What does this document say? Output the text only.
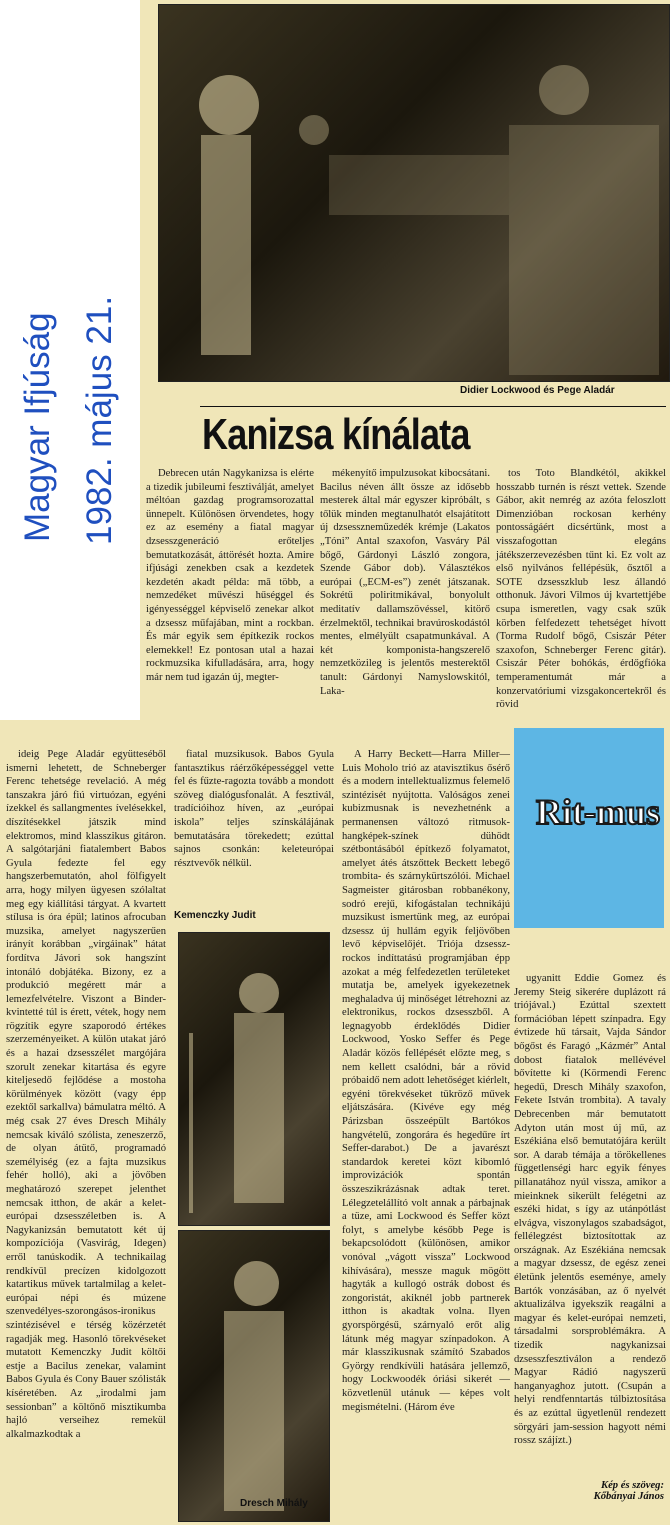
Magyar Ifjúság 1982. május 21.	Didier Lockwood és Pege Aladár
Kanizsa kínálata

Debrecen után Nagykanizsa is elérte a tizedik jubileumi fesztiválját, amelyet méltóan gazdag programsorozattal ünnepelt. Különösen örvendetes, hogy ez az esemény a fiatal magyar dzsesszgeneráció erőteljes bemutatkozását, áttörését hozta. Amire ifjúsági zenekben csak a kezdetek kezdetén akadt példa: mā több, a nemzedéket művészi hűséggel és igényességgel képviselő zenekar alkot a dzsessz műfajában, mint a rockban. És már egyik sem építkezik rockos elemekkel! Ez pontosan utal a hazai rockmuzsika kifulladására, arra, hogy már nem tud igazán új, megter-

mékenyítő impulzusokat kibocsátani. Bacilus néven állt össze az idősebb mesterek által már egyszer kipróbált, s tőlük minden megtanulhatót elsajátított új dzsesszneműzedék krémje (Lakatos „Tóni” Antal szaxofon, Vasváry Pál bőgő, Gárdonyi László zongora, Szende Gábor dob). Választékos európai („ECM-es”) zenét játszanak. Sokrétű poliritmikával, bonyolult meditatív dallamszövéssel, kitörő érzelmektől, technikai bravúroskodástól mentes, elmélyült csapatmunkával. A két komponista-hangszerelő nemzetközileg is jelentős mesterektől tanult: Gárdonyi Namyslowskitól, Laka-

tos Toto Blandkétól, akikkel hosszabb turnén is részt vettek. Szende Gábor, akit nemrég az azóta feloszlott Dimenzióban rockosan kerhény pontosságáért dicsértünk, most a visszafogottan elegáns játékszerzevezésben tűnt ki. Ez volt az első nyilvános fellépésük, ősztől a SOTE dzsesszklub lesz állandó otthonuk. Jávori Vilmos új kvartettjébe csupa ismeretlen, vagy csak szűk körben felfedezett tehetséget hívott (Torma Rudolf bőgő, Csiszár Péter szaxofon, Schneberger Ferenc gitár). Csiszár Péter bohókás, érdőgfióka temperamentumát már a konzervatóriumi vizsgakoncertekről és rövid

ideig Pege Aladár együtteséből ismerni lehetett, de Schneberger Ferenc tehetsége revelació. A még tanszakra járó fiú virtuózan, egyéni ízekkel és sallangmentes ívelésekkel, díszítésekkel játszik mind elektromos, mind klasszikus gitáron. A salgótarjáni fiatalembert Babos Gyula fedezte fel egy hangszerbemutatón, ahol fölfigyelt arra, hogy milyen ügyesen szólaltat meg egy kiállítási tárgyat. A kvartett stílusa is óra épül; latinos afrocuban muzsika, amelyet nagyszerűen irányít korábban „virgáinak” hátat fordítva Jávori sok hangszínt intonáló dobjátéka. Bizony, ez a produkció megérett már a lemezfelvételre. Viszont a Binder-kvintetté túl is érett, vétek, hogy nem rögzítik egyre szaporodó értékes szerzeményeiket. A külön utakat járó és a hazai dzsesszélet margójára szorult zenekar kitartása és egyre kiteljesedő fejlődése a mostoha körülmények között (vagy épp ezektől sarkallva) bámulatra méltó. A még csak 27 éves Dresch Mihály nemcsak kiváló szólista, zeneszerző, de olyan átütő, programadó személyiség (ez a fajta muzsikus fehér holló), aki a jövőben meghatározó szerepet jelenthet nemcsak itthon, de akár a kelet-európai dzsesszéletben is. A Nagykanizsán bemutatott két új kompozíciója (Vasvirág, Idegen) erről tanúskodik. A technikailag rendkívül precízen kidolgozott katartikus művek tartalmilag a kelet-európai népi és múzene szenvedélyes-szorongásos-ironikus szintézisével e térség közérzetét ragadják meg. Hasonló törekvéseket mutatott Kemenczky Judit költői estje a Bacilus zenekar, valamint Babos Gyula és Cony Bauer szólisták kíséretében. Az „irodalmi jam sessionban” a költőnő misztikumba hajló verseihez remekül alkalmazkodtak a

fiatal muzsikusok. Babos Gyula fantasztikus ráérzőképességgel vette fel és fűzte-ragozta tovább a mondott szöveg dialógusfonalát. A fesztivál, tradícióihoz híven, az „európai iskola” teljes színskálájának bemutatására törekedett; ezúttal sajnos csonkán: keleteurópai résztvevők nélkül.

Kemenczky Judit
Dresch Mihály

A Harry Beckett—Harra Miller—Luis Moholo trió az atavisztikus ősérő és a modern intellektualizmus felemelő szintézisét nyújtotta. Valóságos zenei kubizmusnak is nevezhetnénk a permanensen változó ritmusok-hangképek-színek dühödt szétbontásából építkező folyamatot, amelyet átés átszőttek Beckett lebegő trombita- és szárnykürtszólói. Michael Sagmeister gitárosban robbanékony, sodró erejű, kifogástalan technikájú muzsikust ismertünk meg, az európai dzsessz új hullám egyik feljövőben levő képviselőjét. Triója dzsessz-rockos indíttatású programjában épp azokat a még felfedezetlen területeket mutatja be, amelyek igyekezetnek meghaladva új minőséget létrehozni az elektronikus, rockos dzsesszből. A legnagyobb érdeklődés Didier Lockwood, Yosko Seffer és Pege Aladár közös fellépését előzte meg, s nem kellett csalódni, bár a rövid próbaidő nem adott lehetőséget kiérlelt, egyéni törekvéseket tükröző művek eljátszására. (Kivéve egy még Párizsban összeépült Bartókos hangvételű, zongorára és hegedűre írt Seffer-darabot.) De a javarészt standardok keretei közt kibomló improvizációk spontán összeszikrázásnak adtak teret. Lélegzetelállító volt annak a párbajnak a tüze, ami Lockwood és Seffer közt folyt, s amelybe később Pege is bekapcsolódott (különösen, amikor vonóval „vágott vissza” Lockwood kihívására), messze maguk mögött hagyták a kullogó ostrák dobost és zongoristát, akiknél jobb partnerek itthon is akadtak volna. Ilyen gyorspörgésű, szárnyaló erőt alig látunk még magyar színpadokon. A már klasszikusnak számító Szabados György rendkívüli hatására jellemző, hogy Lockwoodék óriási sikerét — közvetlenül utánuk — képes volt megismételni. (Három éve

Rit-mus

ugyanitt Eddie Gomez és Jeremy Steig sikerére duplázott rá triójával.) Ezúttal szextett formációban lépett színpadra. Egy évtizede hű társait, Vajda Sándor bőgőst és Faragó „Kázmér” Antal dobost fiatalok mellévével bővítette ki (Körmendi Ferenc hegedű, Dresch Mihály szaxofon, Fekete István trombita). A tavaly Debrecenben már bemutatott Adyton után most új mű, az Eszékiána első bemutatójára került sor. A darab témája a törökellenes függetlenségi harc egyik fényes pillanatához nyúl vissza, amikor a mieinknek sikerült felégetni az eszéki hidat, s így az utánpótlást elvágva, viszonylagos szabadságot, fellélegzést biztosítottak az országnak. Az Eszékiána nemcsak a magyar dzsessz, de egész zenei életünk jelentős eseménye, amely Bartók vonzásában, az ő nyelvét aktualizálva igyekszik reagálni a magyar és kelet-európai nemzeti, társadalmi sorsproblémákra. A tizedik nagykanizsai dzsesszfesztiválon a rendező Magyar Rádió nagyszerű hanganyaghoz jutott. (Csupán a helyi rendfenntartás túlbiztosítása és az ezúttal ügyetlenül rendezett sörgyári jam-session hagyott némi rossz szájízt.)

Kép és szöveg:
Kőbányai János
